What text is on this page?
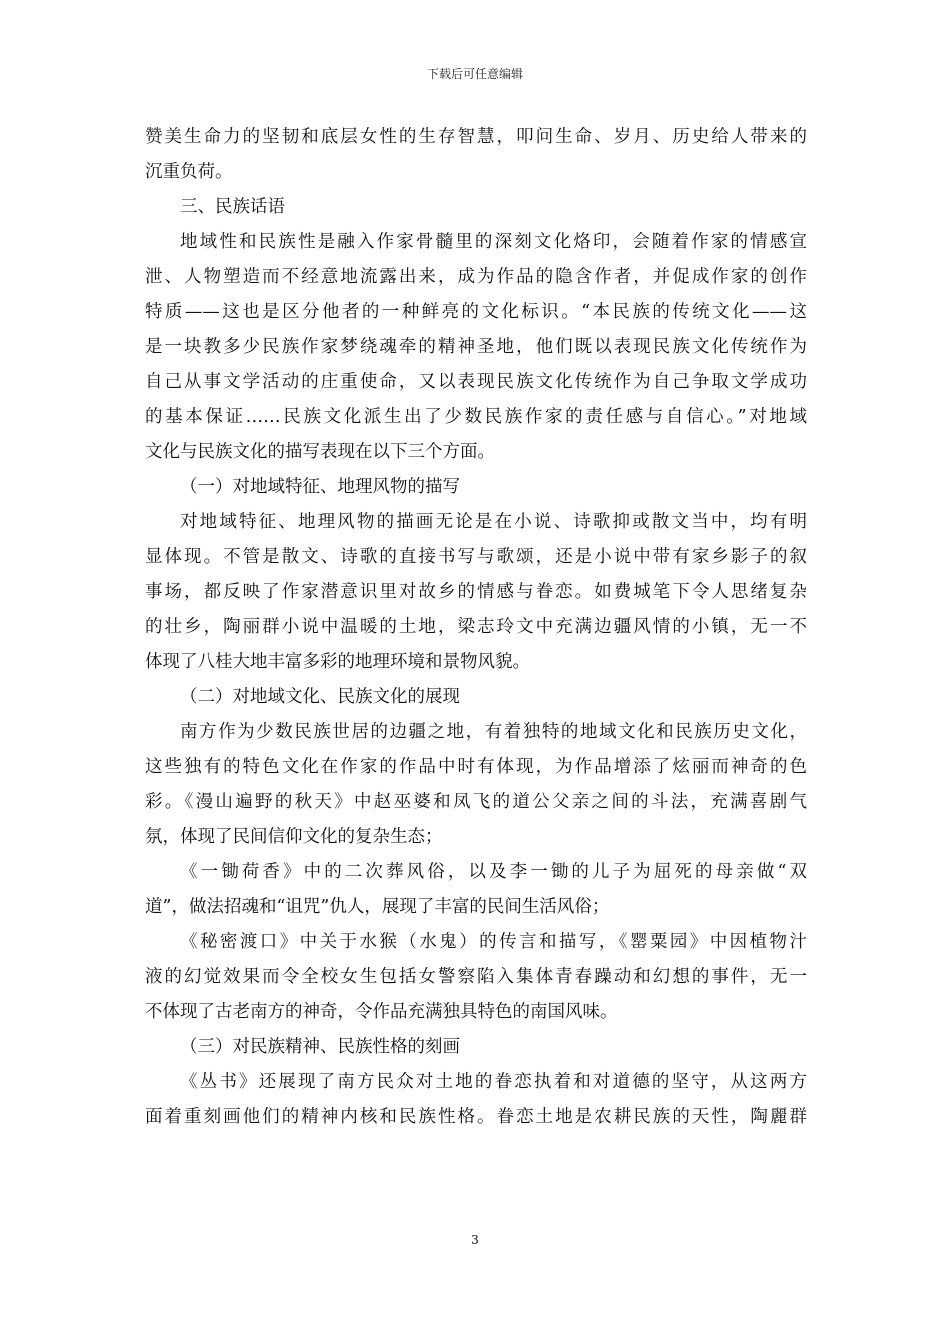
下载后可任意编辑
赞美生命力的坚韧和底层女性的生存智慧，叩问生命、岁月、历史给人带来的
沉重负荷。
三、民族话语
地域性和民族性是融入作家骨髓里的深刻文化烙印，会随着作家的情感宣
泄、人物塑造而不经意地流露出来，成为作品的隐含作者，并促成作家的创作
特质——这也是区分他者的一种鲜亮的文化标识。“本民族的传统文化——这
是一块教多少民族作家梦绕魂牵的精神圣地，他们既以表现民族文化传统作为
自己从事文学活动的庄重使命，又以表现民族文化传统作为自己争取文学成功
的基本保证……民族文化派生出了少数民族作家的责任感与自信心。”对地域
文化与民族文化的描写表现在以下三个方面。
（一）对地域特征、地理风物的描写
对地域特征、地理风物的描画无论是在小说、诗歌抑或散文当中，均有明
显体现。不管是散文、诗歌的直接书写与歌颂，还是小说中带有家乡影子的叙
事场，都反映了作家潜意识里对故乡的情感与眷恋。如费城笔下令人思绪复杂
的壮乡，陶丽群小说中温暖的土地，梁志玲文中充满边疆风情的小镇，无一不
体现了八桂大地丰富多彩的地理环境和景物风貌。
（二）对地域文化、民族文化的展现
南方作为少数民族世居的边疆之地，有着独特的地域文化和民族历史文化，
这些独有的特色文化在作家的作品中时有体现，为作品增添了炫丽而神奇的色
彩。《漫山遍野的秋天》中赵巫婆和凤飞的道公父亲之间的斗法，充满喜剧气
氛，体现了民间信仰文化的复杂生态；
《一锄荷香》中的二次葬风俗，以及李一锄的儿子为屈死的母亲做“双
道”，做法招魂和“诅咒”仇人，展现了丰富的民间生活风俗；
《秘密渡口》中关于水猴（水鬼）的传言和描写，《罂粟园》中因植物汁
液的幻觉效果而令全校女生包括女警察陷入集体青春躁动和幻想的事件，无一
不体现了古老南方的神奇，令作品充满独具特色的南国风味。
（三）对民族精神、民族性格的刻画
《丛书》还展现了南方民众对土地的眷恋执着和对道德的坚守，从这两方
面着重刻画他们的精神内核和民族性格。眷恋土地是农耕民族的天性，陶麗群
3
